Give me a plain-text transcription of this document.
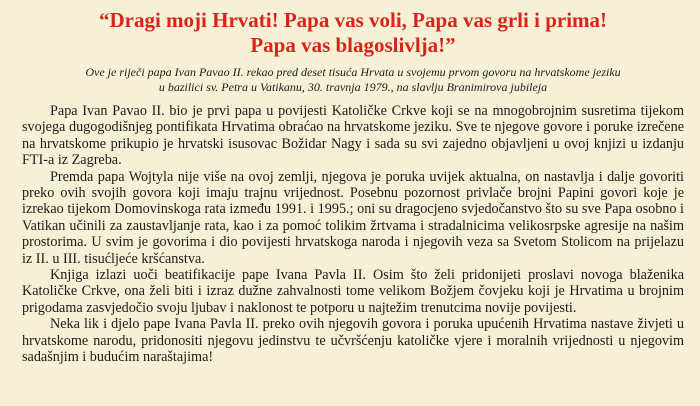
“Dragi moji Hrvati! Papa vas voli, Papa vas grli i prima!
Papa vas blagoslivlja!”
Ove je riječi papa Ivan Pavao II. rekao pred deset tisuća Hrvata u svojemu prvom govoru na hrvatskome jeziku
u bazilici sv. Petra u Vatikanu, 30. travnja 1979., na slavlju Branimirova jubileja

Papa Ivan Pavao II. bio je prvi papa u povijesti Katoličke Crkve koji se na mnogobrojnim susretima tijekom svojega dugogodišnjeg pontifikata Hrvatima obraćao na hrvatskome jeziku. Sve te njegove govore i poruke izrečene na hrvatskome prikupio je hrvatski isusovac Božidar Nagy i sada su svi zajedno objavljeni u ovoj knjizi u izdanju FTI-a iz Zagreba.

Premda papa Wojtyla nije više na ovoj zemlji, njegova je poruka uvijek aktualna, on nastavlja i dalje govoriti preko ovih svojih govora koji imaju trajnu vrijednost. Posebnu pozornost privlače brojni Papini govori koje je izrekao tijekom Domovinskoga rata između 1991. i 1995.; oni su dragocjeno svjedočanstvo što su sve Papa osobno i Vatikan učinili za zaustavljanje rata, kao i za pomoć tolikim žrtvama i stradalnicima velikosrpske agresije na našim prostorima. U svim je govorima i dio povijesti hrvatskoga naroda i njegovih veza sa Svetom Stolicom na prijelazu iz II. u III. tisućljeće kršćanstva.

Knjiga izlazi uoči beatifikacije pape Ivana Pavla II. Osim što želi pridonijeti proslavi novoga blaženika Katoličke Crkve, ona želi biti i izraz dužne zahvalnosti tome velikom Božjem čovjeku koji je Hrvatima u brojnim prigodama zasvjedočio svoju ljubav i naklonost te potporu u najtežim trenutcima novije povijesti.

Neka lik i djelo pape Ivana Pavla II. preko ovih njegovih govora i poruka upućenih Hrvatima nastave živjeti u hrvatskome narodu, pridonositi njegovu jedinstvu te učvršćenju katoličke vjere i moralnih vrijednosti u njegovim sadašnjim i budućim naraštajima!
